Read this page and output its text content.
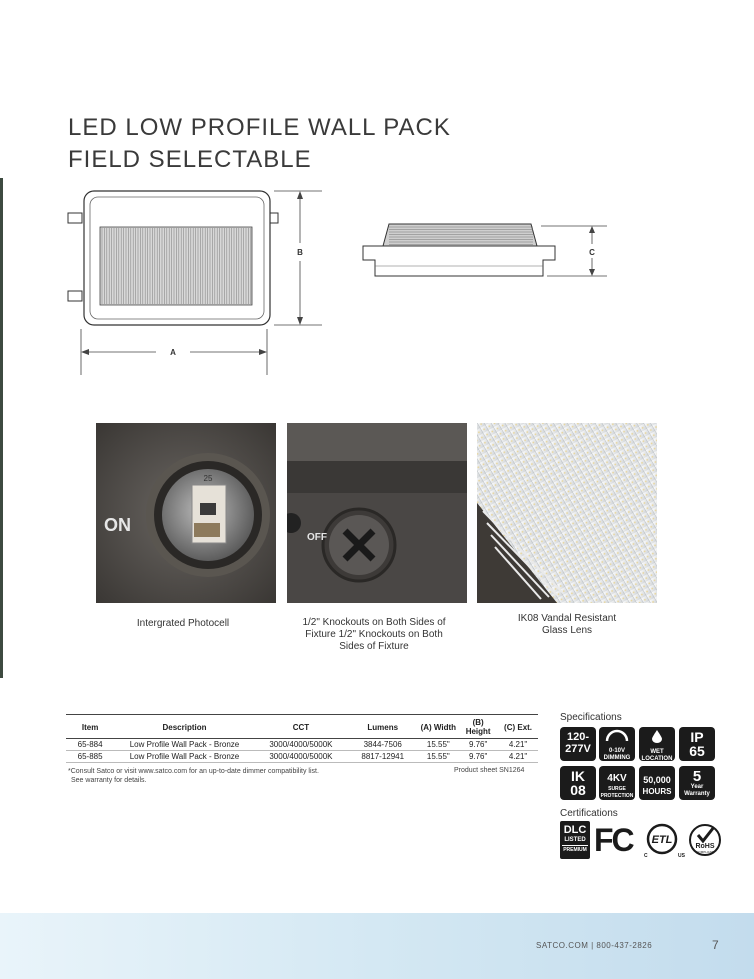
LED LOW PROFILE WALL PACK
FIELD SELECTABLE
B
A
C
ON
25
OFF
Intergrated Photocell	1/2" Knockouts on Both Sides of Fixture 1/2" Knockouts on Both Sides of Fixture
IK08 Vandal Resistant Glass Lens
Item	Description	CCT	Lumens	(A) Width	(B) Height	(C) Ext.
65-884	Low Profile Wall Pack - Bronze	3000/4000/5000K	3844-7506	15.55"	9.76"	4.21"
65-885	Low Profile Wall Pack - Bronze	3000/4000/5000K	8817-12941	15.55"	9.76"	4.21"
*Consult Satco or visit www.satco.com for an up-to-date dimmer compatibility list.
See warranty for details.
Product sheet SN1264
Specifications
120-277V	0-10V DIMMING
WET LOCATION
IP 65
IK 08
4KV
SURGE PROTECTION
50,000
HOURS
5
Year Warranty
Certifications
DLC
LISTED
PREMIUM FC ETL
C	US
RoHS
COMPLIANT
SATCO.COM | 800-437-2826	7
